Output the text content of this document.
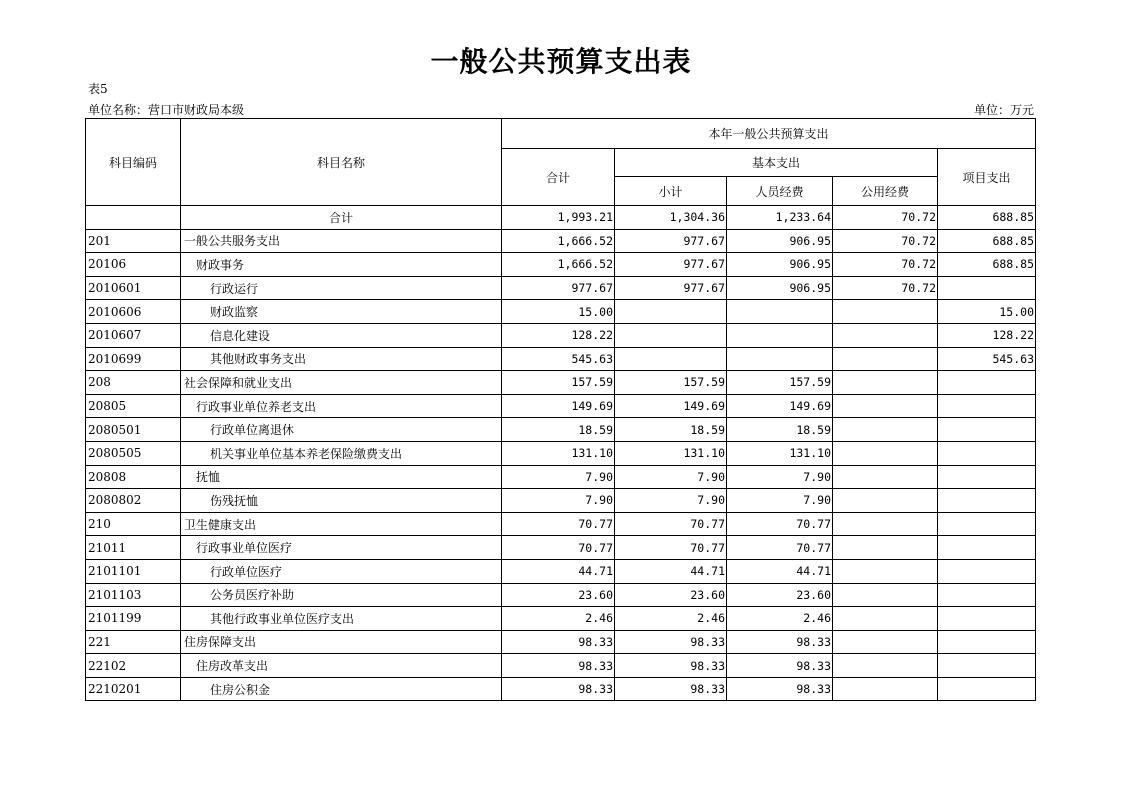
一般公共预算支出表
表5
单位名称：营口市财政局本级	单位：万元
科目编码	科目名称	本年一般公共预算支出				
		合计	基本支出			项目支出
			小计	人员经费	公用经费	
	合计	1,993.21	1,304.36	1,233.64	70.72	688.85
201	一般公共服务支出	1,666.52	977.67	906.95	70.72	688.85
20106	财政事务	1,666.52	977.67	906.95	70.72	688.85
2010601	行政运行	977.67	977.67	906.95	70.72	
2010606	财政监察	15.00				15.00
2010607	信息化建设	128.22				128.22
2010699	其他财政事务支出	545.63				545.63
208	社会保障和就业支出	157.59	157.59	157.59		
20805	行政事业单位养老支出	149.69	149.69	149.69		
2080501	行政单位离退休	18.59	18.59	18.59		
2080505	机关事业单位基本养老保险缴费支出	131.10	131.10	131.10		
20808	抚恤	7.90	7.90	7.90		
2080802	伤残抚恤	7.90	7.90	7.90		
210	卫生健康支出	70.77	70.77	70.77		
21011	行政事业单位医疗	70.77	70.77	70.77		
2101101	行政单位医疗	44.71	44.71	44.71		
2101103	公务员医疗补助	23.60	23.60	23.60		
2101199	其他行政事业单位医疗支出	2.46	2.46	2.46		
221	住房保障支出	98.33	98.33	98.33		
22102	住房改革支出	98.33	98.33	98.33		
2210201	住房公积金	98.33	98.33	98.33		
